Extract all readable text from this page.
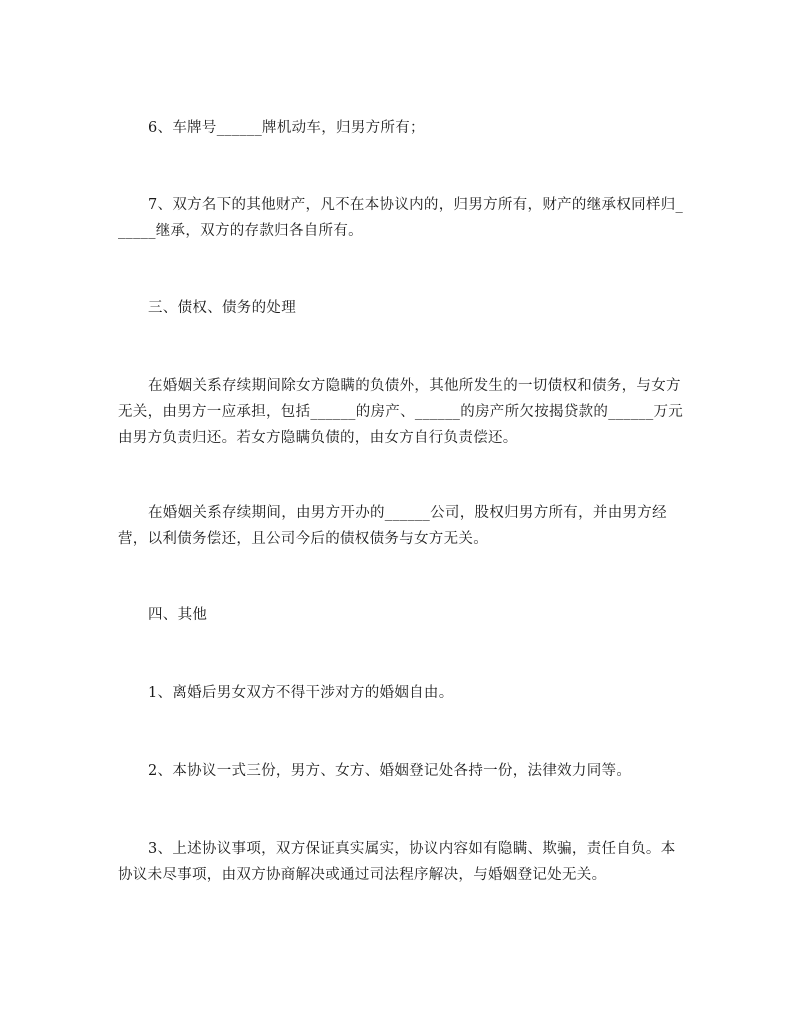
6、车牌号______牌机动车，归男方所有；

7、双方名下的其他财产，凡不在本协议内的，归男方所有，财产的继承权同样归______继承，双方的存款归各自所有。

三、债权、债务的处理

在婚姻关系存续期间除女方隐瞒的负债外，其他所发生的一切债权和债务，与女方无关，由男方一应承担，包括______的房产、______的房产所欠按揭贷款的______万元由男方负责归还。若女方隐瞒负债的，由女方自行负责偿还。

在婚姻关系存续期间，由男方开办的______公司，股权归男方所有，并由男方经营，以利债务偿还，且公司今后的债权债务与女方无关。

四、其他

1、离婚后男女双方不得干涉对方的婚姻自由。

2、本协议一式三份，男方、女方、婚姻登记处各持一份，法律效力同等。

3、上述协议事项，双方保证真实属实，协议内容如有隐瞒、欺骗，责任自负。本协议未尽事项，由双方协商解决或通过司法程序解决，与婚姻登记处无关。
